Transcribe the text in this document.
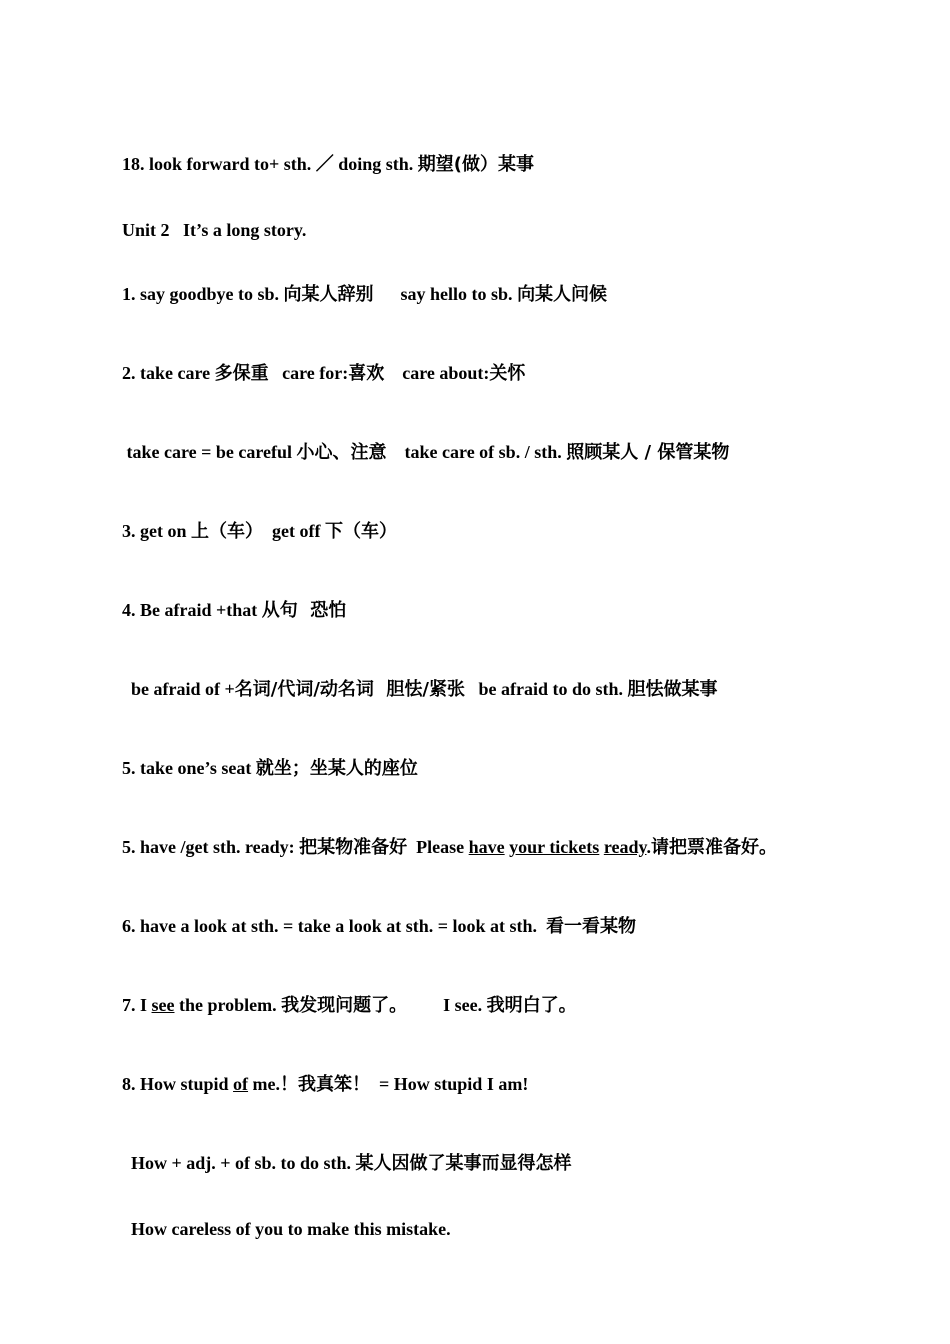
18. look forward to+ sth. ／ doing sth. 期望(做）某事

Unit 2   It’s a long story.

1. say goodbye to sb. 向某人辞别      say hello to sb. 向某人问候

2. take care 多保重   care for:喜欢    care about:关怀

take care = be careful 小心、注意    take care of sb. / sth. 照顾某人 / 保管某物

3. get on 上（车）  get off 下（车）

4. Be afraid +that 从句  恐怕

be afraid of +名词/代词/动名词  胆怯/紧张   be afraid to do sth. 胆怯做某事

5. take one’s seat 就坐；坐某人的座位

5. have /get sth. ready: 把某物准备好  Please have your tickets ready.请把票准备好。

6. have a look at sth. = take a look at sth. = look at sth.  看一看某物

7. I see the problem. 我发现问题了。        I see. 我明白了。

8. How stupid of me.！我真笨！  = How stupid I am!

How + adj. + of sb. to do sth. 某人因做了某事而显得怎样

How careless of you to make this mistake.
